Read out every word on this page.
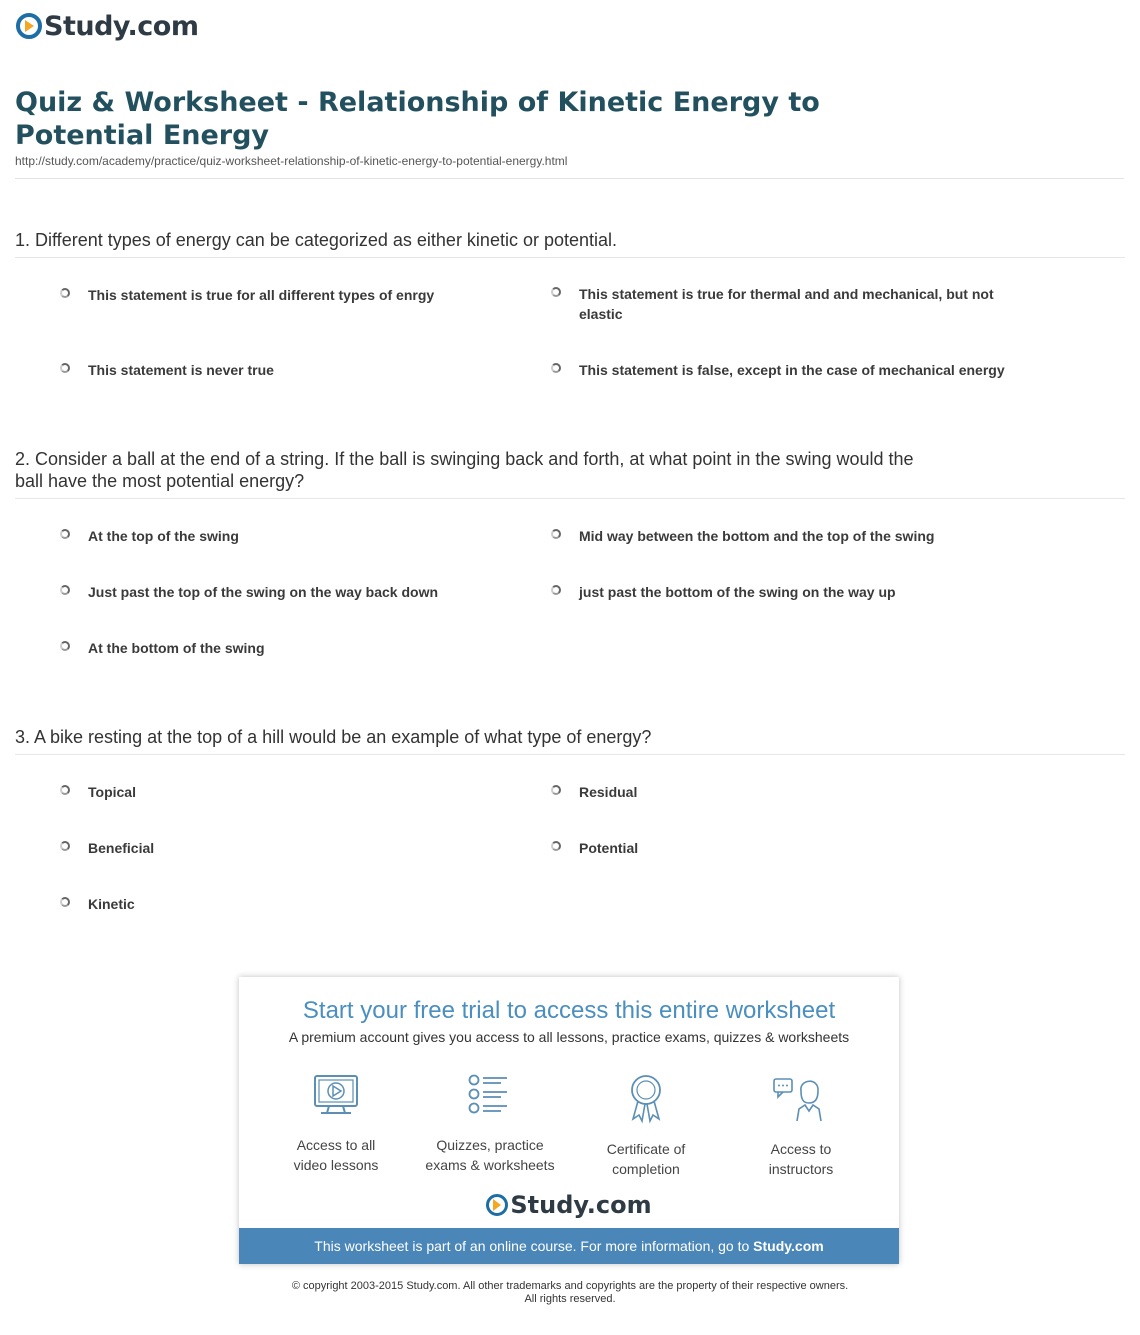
Study.com
Quiz & Worksheet - Relationship of Kinetic Energy to Potential Energy
http://study.com/academy/practice/quiz-worksheet-relationship-of-kinetic-energy-to-potential-energy.html
1. Different types of energy can be categorized as either kinetic or potential.
This statement is true for all different types of enrgy	This statement is true for thermal and and mechanical, but not elastic
This statement is never true	This statement is false, except in the case of mechanical energy
2. Consider a ball at the end of a string. If the ball is swinging back and forth, at what point in the swing would the ball have the most potential energy?
At the top of the swing	Mid way between the bottom and the top of the swing
Just past the top of the swing on the way back down	just past the bottom of the swing on the way up
At the bottom of the swing
3. A bike resting at the top of a hill would be an example of what type of energy?
Topical	Residual
Beneficial	Potential
Kinetic
Start your free trial to access this entire worksheet
A premium account gives you access to all lessons, practice exams, quizzes & worksheets
Access to all
video lessons
Quizzes, practice
exams & worksheets
Certificate of
completion
Access to
instructors
Study.com
This worksheet is part of an online course. For more information, go to Study.com
© copyright 2003-2015 Study.com. All other trademarks and copyrights are the property of their respective owners.
All rights reserved.
